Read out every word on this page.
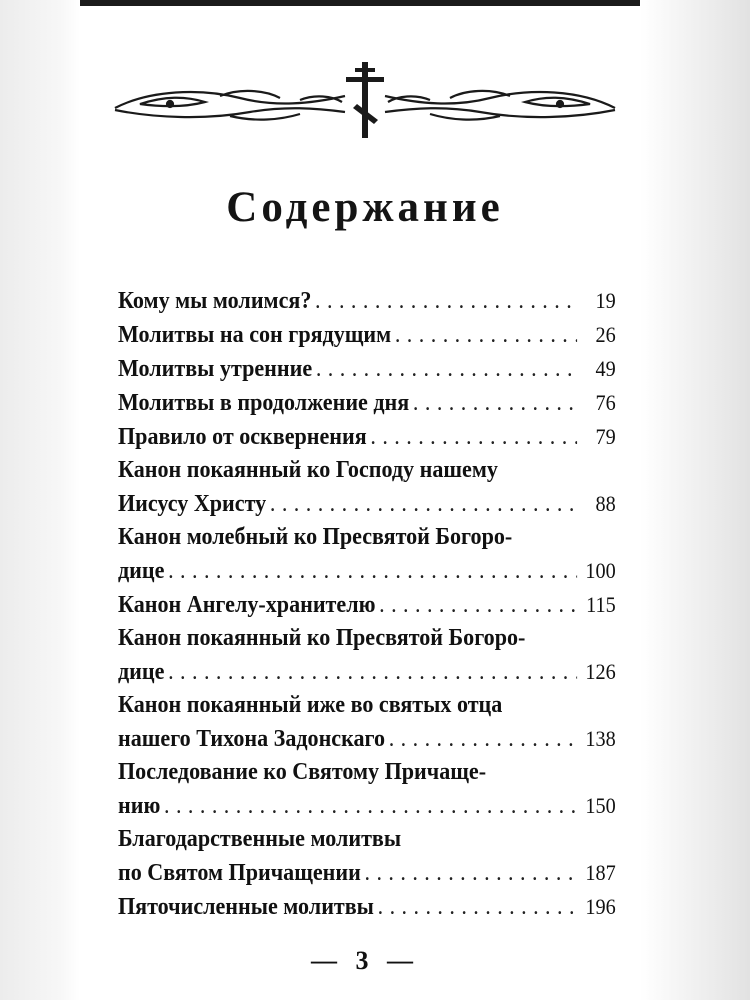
Содержание
Кому мы молимся? .....	19
Молитвы на сон грядущим .....	26
Молитвы утренние .....	49
Молитвы в продолжение дня .....	76
Правило от осквернения .....	79
Канон покаянный ко Господу нашему
Иисусу Христу .....	88
Канон молебный ко Пресвятой Богоро-
дице .....	100
Канон Ангелу-хранителю .....	115
Канон покаянный ко Пресвятой Богоро-
дице .....	126
Канон покаянный иже во святых отца
нашего Тихона Задонскаго .....	138
Последование ко Святому Причаще-
нию .....	150
Благодарственные молитвы
по Святом Причащении .....	187
Пяточисленные молитвы .....	196
— 3 —
